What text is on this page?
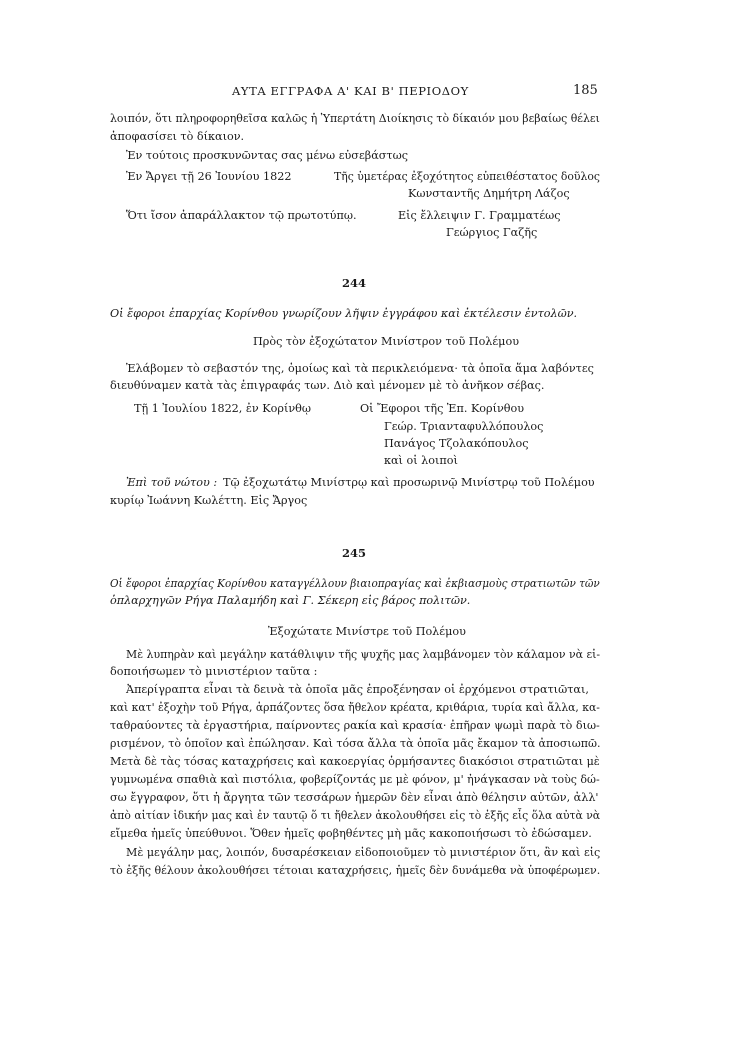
ΑΥΤΑ ΕΓΓΡΑΦΑ Α' ΚΑΙ Β' ΠΕΡΙΟΔΟΥ	185
λοιπόν, ὅτι πληροφορηθεῖσα καλῶς ἡ Ὑπερτάτη Διοίκησις τὸ δίκαιόν μου βεβαίως θέλει
ἀποφασίσει τὸ δίκαιον.
Ἐν τούτοις προσκυνῶντας σας μένω εὐσεβάστως
Ἐν Ἄργει τῇ 26 Ἰουνίου 1822	Τῆς ὑμετέρας ἐξοχότητος εὐπειθέστατος δοῦλος
Κωνσταντῆς Δημήτρη Λάζος
Ὅτι ἴσον ἀπαράλλακτον τῷ πρωτοτύπῳ.	Εἰς ἔλλειψιν Γ. Γραμματέως
Γεώργιος Γαζῆς
244
Οἱ ἔφοροι ἐπαρχίας Κορίνθου γνωρίζουν λῆψιν ἐγγράφου καὶ ἐκτέλεσιν ἐντολῶν.
Πρὸς τὸν ἐξοχώτατον Μινίστρον τοῦ Πολέμου
Ἐλάβομεν τὸ σεβαστόν της, ὁμοίως καὶ τὰ περικλειόμενα· τὰ ὁποῖα ἅμα λαβόντες
διευθύναμεν κατὰ τὰς ἐπιγραφάς των. Διὸ καὶ μένομεν μὲ τὸ ἀνῆκον σέβας.
Τῇ 1 Ἰουλίου 1822, ἐν Κορίνθῳ	Οἱ Ἔφοροι τῆς Ἐπ. Κορίνθου
Γεώρ. Τριανταφυλλόπουλος
Πανάγος Τζολακόπουλος
καὶ οἱ λοιποὶ
Ἐπὶ τοῦ νώτου : Τῷ ἐξοχωτάτῳ Μινίστρῳ καὶ προσωρινῷ Μινίστρῳ τοῦ Πολέμου
κυρίῳ Ἰωάννη Κωλέττη. Εἰς Ἄργος
245
Οἱ ἔφοροι ἐπαρχίας Κορίνθου καταγγέλλουν βιαιοπραγίας καὶ ἐκβιασμοὺς στρατιωτῶν τῶν
ὁπλαρχηγῶν Ρήγα Παλαμήδη καὶ Γ. Σέκερη εἰς βάρος πολιτῶν.
Ἐξοχώτατε Μινίστρε τοῦ Πολέμου
Μὲ λυπηρὰν καὶ μεγάλην κατάθλιψιν τῆς ψυχῆς μας λαμβάνομεν τὸν κάλαμον νὰ εἰ-
δοποιήσωμεν τὸ μινιστέριον ταῦτα :
Ἀπερίγραπτα εἶναι τὰ δεινὰ τὰ ὁποῖα μᾶς ἐπροξένησαν οἱ ἐρχόμενοι στρατιῶται,
καὶ κατ' ἐξοχὴν τοῦ Ρήγα, ἁρπάζοντες ὅσα ἤθελον κρέατα, κριθάρια, τυρία καὶ ἄλλα, κα-
ταθραύοντες τὰ ἐργαστήρια, παίρνοντες ρακία καὶ κρασία· ἐπῆραν ψωμὶ παρὰ τὸ διω-
ρισμένον, τὸ ὁποῖον καὶ ἐπώλησαν. Καὶ τόσα ἄλλα τὰ ὁποῖα μᾶς ἔκαμον τὰ ἀποσιωπῶ.
Μετὰ δὲ τὰς τόσας καταχρήσεις καὶ κακοεργίας ὁρμήσαντες διακόσιοι στρατιῶται μὲ
γυμνωμένα σπαθιὰ καὶ πιστόλια, φοβερίζοντάς με μὲ φόνον, μ' ἠνάγκασαν νὰ τοὺς δώ-
σω ἔγγραφον, ὅτι ἡ ἄργητα τῶν τεσσάρων ἡμερῶν δὲν εἶναι ἀπὸ θέλησιν αὐτῶν, ἀλλ'
ἀπὸ αἰτίαν ἰδικήν μας καὶ ἐν ταυτῷ ὅ τι ἤθελεν ἀκολουθήσει εἰς τὸ ἑξῆς εἷς ὅλα αὐτὰ νὰ
εἴμεθα ἡμεῖς ὑπεύθυνοι. Ὅθεν ἡμεῖς φοβηθέντες μὴ μᾶς κακοποιήσωσι τὸ ἐδώσαμεν.
Μὲ μεγάλην μας, λοιπόν, δυσαρέσκειαν εἰδοποιοῦμεν τὸ μινιστέριον ὅτι, ἂν καὶ εἰς
τὸ ἑξῆς θέλουν ἀκολουθήσει τέτοιαι καταχρήσεις, ἡμεῖς δὲν δυνάμεθα νὰ ὑποφέρωμεν.
